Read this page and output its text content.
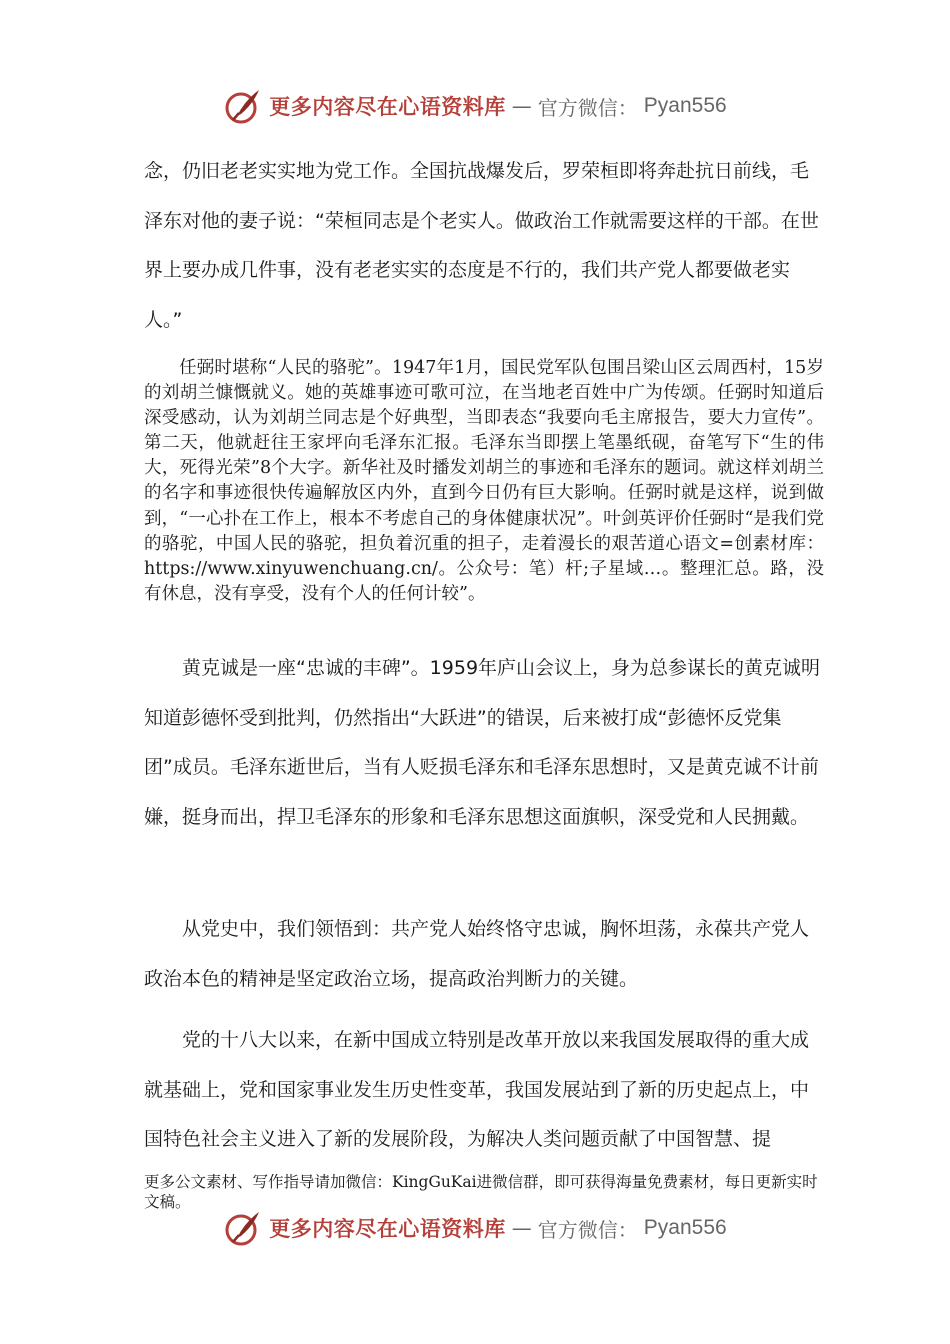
更多内容尽在心语资料库 — 官方微信： Pyan556

念，仍旧老老实实地为党工作。全国抗战爆发后，罗荣桓即将奔赴抗日前线，毛泽东对他的妻子说：“荣桓同志是个老实人。做政治工作就需要这样的干部。在世界上要办成几件事，没有老老实实的态度是不行的，我们共产党人都要做老实人。”

任弼时堪称“人民的骆驼”。1947年1月，国民党军队包围吕梁山区云周西村，15岁的刘胡兰慷慨就义。她的英雄事迹可歌可泣，在当地老百姓中广为传颂。任弼时知道后深受感动，认为刘胡兰同志是个好典型，当即表态“我要向毛主席报告，要大力宣传”。第二天，他就赶往王家坪向毛泽东汇报。毛泽东当即摆上笔墨纸砚，奋笔写下“生的伟大，死得光荣”8个大字。新华社及时播发刘胡兰的事迹和毛泽东的题词。就这样刘胡兰的名字和事迹很快传遍解放区内外，直到今日仍有巨大影响。任弼时就是这样，说到做到，“一心扑在工作上，根本不考虑自己的身体健康状况”。叶剑英评价任弼时“是我们党的骆驼，中国人民的骆驼，担负着沉重的担子，走着漫长的艰苦道心语文=创素材库：https://www.xinyuwenchuang.cn/。公众号：笔）杆;子星域…。整理汇总。路，没有休息，没有享受，没有个人的任何计较”。

黄克诚是一座“忠诚的丰碑”。1959年庐山会议上，身为总参谋长的黄克诚明知道彭德怀受到批判，仍然指出“大跃进”的错误，后来被打成“彭德怀反党集团”成员。毛泽东逝世后，当有人贬损毛泽东和毛泽东思想时，又是黄克诚不计前嫌，挺身而出，捍卫毛泽东的形象和毛泽东思想这面旗帜，深受党和人民拥戴。

从党史中，我们领悟到：共产党人始终恪守忠诚，胸怀坦荡，永葆共产党人政治本色的精神是坚定政治立场，提高政治判断力的关键。

党的十八大以来，在新中国成立特别是改革开放以来我国发展取得的重大成就基础上，党和国家事业发生历史性变革，我国发展站到了新的历史起点上，中国特色社会主义进入了新的发展阶段，为解决人类问题贡献了中国智慧、提

更多公文素材、写作指导请加微信：KingGuKai进微信群，即可获得海量免费素材，每日更新实时文稿。

更多内容尽在心语资料库 — 官方微信： Pyan556
